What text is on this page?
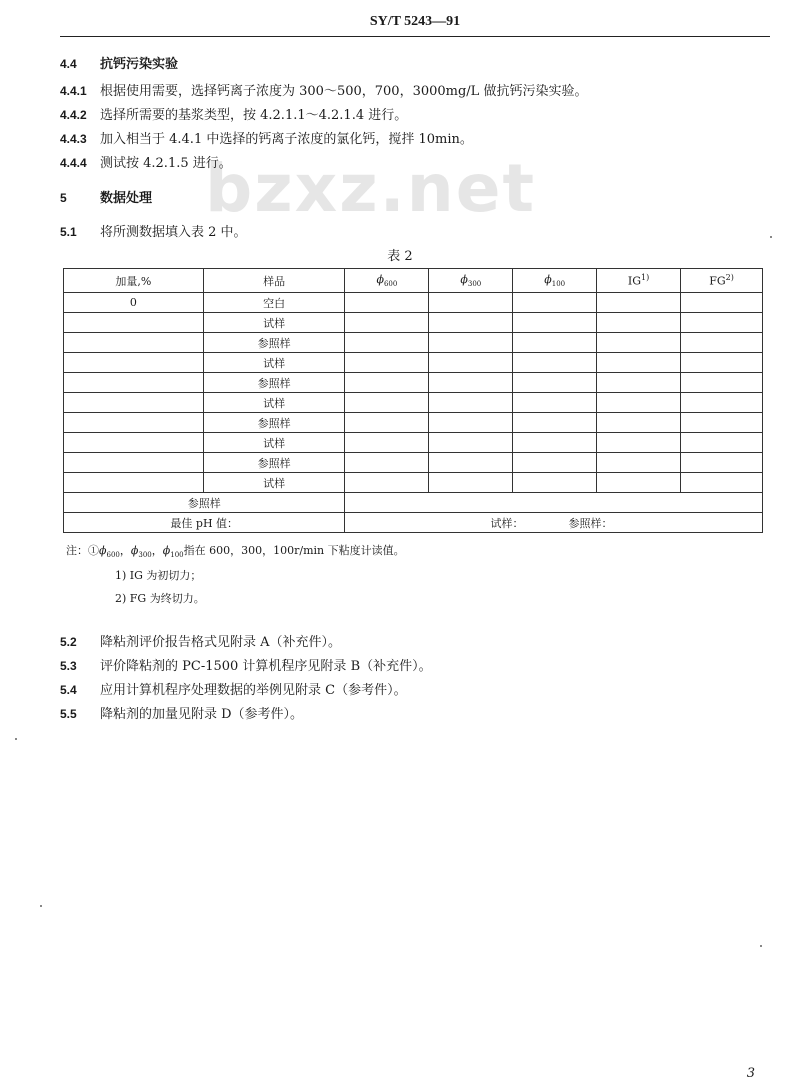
SY/T 5243—91
bzxz.net
4.4 抗钙污染实验
4.4.1 根据使用需要，选择钙离子浓度为 300～500，700，3000mg/L 做抗钙污染实验。
4.4.2 选择所需要的基浆类型，按 4.2.1.1～4.2.1.4 进行。
4.4.3 加入相当于 4.4.1 中选择的钙离子浓度的氯化钙，搅拌 10min。
4.4.4 测试按 4.2.1.5 进行。
5	数据处理
5.1 将所测数据填入表 2 中。
表 2
加量,%	样品	$\phi_{600}$	$\phi_{300}$	$\phi_{100}$	IG$^{1)}$	FG$^{2)}$
0	空白					
	试样					
	参照样					
	试样					
	参照样					
	试样					
	参照样					
	试样					
	参照样					
	试样					
参照样						
最佳 pH 值：		试样： 参照样：				
注：$①\phi_{600}$，$\phi_{300}$，$\phi_{100}$指在 600，300，100r/min 下粘度计读值。
1) IG 为初切力；
2) FG 为终切力。
5.2 降粘剂评价报告格式见附录 A（补充件）。
5.3 评价降粘剂的 PC-1500 计算机程序见附录 B（补充件）。
5.4 应用计算机程序处理数据的举例见附录 C（参考件）。
5.5 降粘剂的加量见附录 D（参考件）。
3
